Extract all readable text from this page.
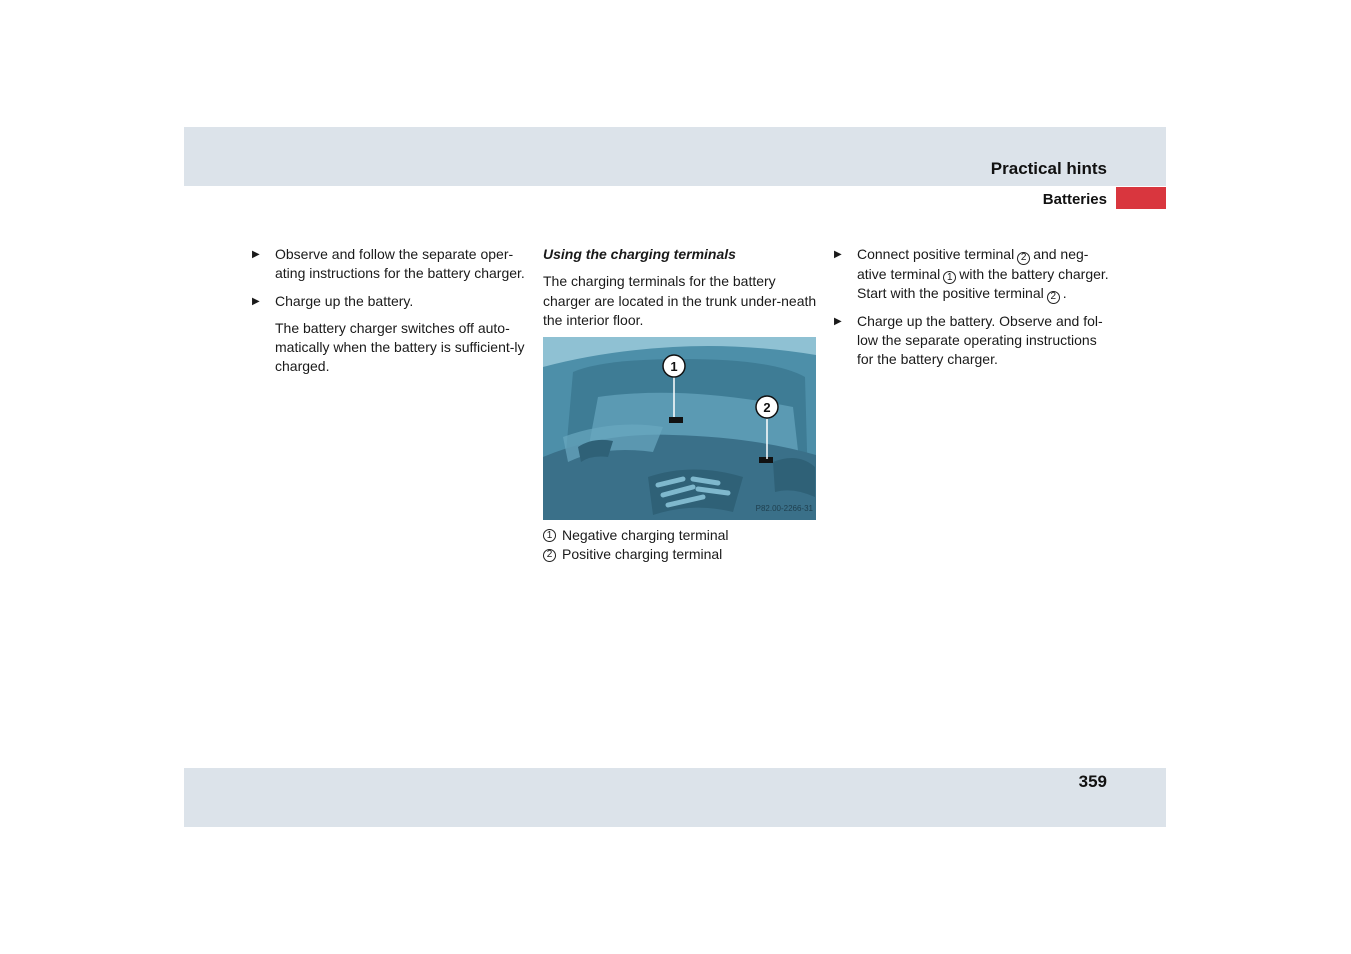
Practical hints
Batteries
▶ Observe and follow the separate oper-ating instructions for the battery charger.
▶ Charge up the battery.

The battery charger switches off auto-matically when the battery is sufficient-ly charged.

Using the charging terminals

The charging terminals for the battery charger are located in the trunk under-neath the interior floor.

1
2
P82.00-2266-31
1 Negative charging terminal
2 Positive charging terminal
▶ Connect positive terminal 2 and neg-ative terminal 1 with the battery charger. Start with the positive terminal 2 .
▶ Charge up the battery. Observe and fol-low the separate operating instructions for the battery charger.
359
